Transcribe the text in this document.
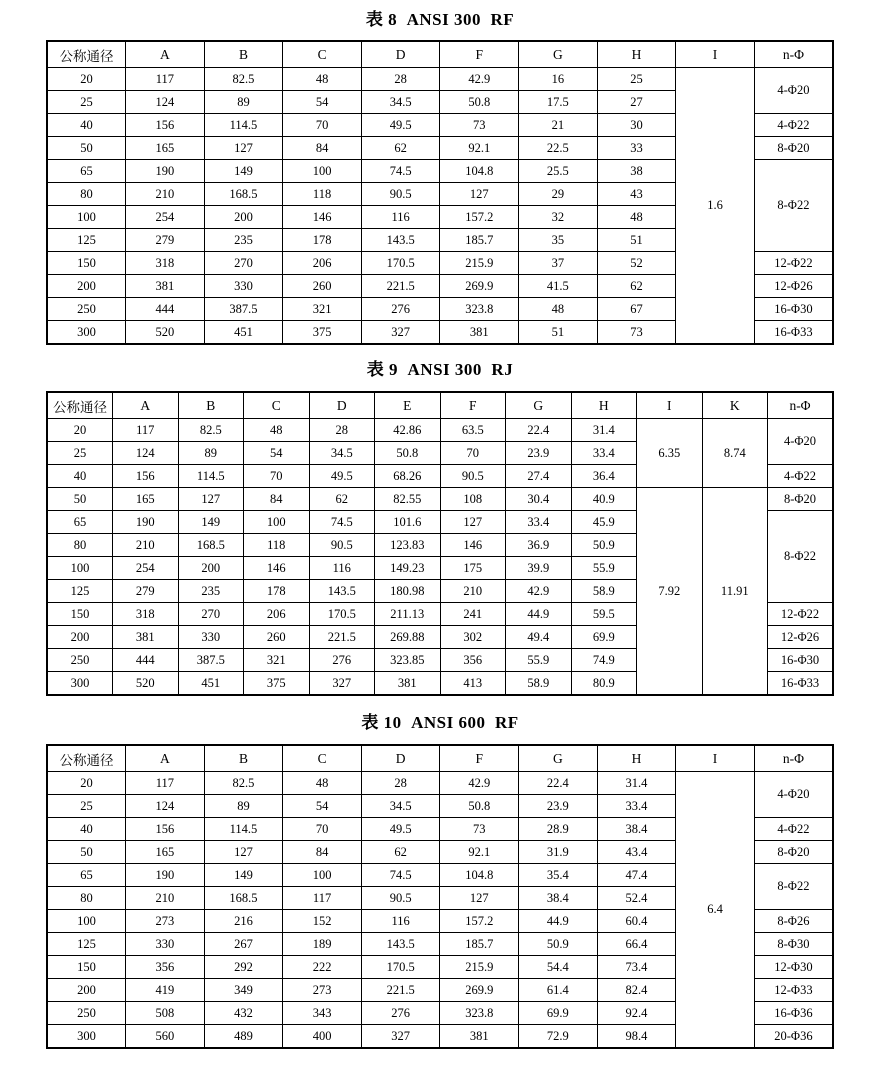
表 8  ANSI 300  RF
公称通径	A	B	C	D	F	G	H	I	n-Φ
20	117	82.5	48	28	42.9	16	25	1.6	4-Φ20
25	124	89	54	34.5	50.8	17.5	27		
40	156	114.5	70	49.5	73	21	30		4-Φ22
50	165	127	84	62	92.1	22.5	33		8-Φ20
65	190	149	100	74.5	104.8	25.5	38		8-Φ22
80	210	168.5	118	90.5	127	29	43		
100	254	200	146	116	157.2	32	48		
125	279	235	178	143.5	185.7	35	51		
150	318	270	206	170.5	215.9	37	52		12-Φ22
200	381	330	260	221.5	269.9	41.5	62		12-Φ26
250	444	387.5	321	276	323.8	48	67		16-Φ30
300	520	451	375	327	381	51	73		16-Φ33
表 9  ANSI 300  RJ
公称通径	A	B	C	D	E	F	G	H	I	K	n-Φ
20	117	82.5	48	28	42.86	63.5	22.4	31.4	6.35	8.74	4-Φ20
25	124	89	54	34.5	50.8	70	23.9	33.4			
40	156	114.5	70	49.5	68.26	90.5	27.4	36.4			4-Φ22
50	165	127	84	62	82.55	108	30.4	40.9	7.92	11.91	8-Φ20
65	190	149	100	74.5	101.6	127	33.4	45.9			8-Φ22
80	210	168.5	118	90.5	123.83	146	36.9	50.9			
100	254	200	146	116	149.23	175	39.9	55.9			
125	279	235	178	143.5	180.98	210	42.9	58.9			
150	318	270	206	170.5	211.13	241	44.9	59.5			12-Φ22
200	381	330	260	221.5	269.88	302	49.4	69.9			12-Φ26
250	444	387.5	321	276	323.85	356	55.9	74.9			16-Φ30
300	520	451	375	327	381	413	58.9	80.9			16-Φ33
表 10  ANSI 600  RF
公称通径	A	B	C	D	F	G	H	I	n-Φ
20	117	82.5	48	28	42.9	22.4	31.4	6.4	4-Φ20
25	124	89	54	34.5	50.8	23.9	33.4		
40	156	114.5	70	49.5	73	28.9	38.4		4-Φ22
50	165	127	84	62	92.1	31.9	43.4		8-Φ20
65	190	149	100	74.5	104.8	35.4	47.4		8-Φ22
80	210	168.5	117	90.5	127	38.4	52.4		
100	273	216	152	116	157.2	44.9	60.4		8-Φ26
125	330	267	189	143.5	185.7	50.9	66.4		8-Φ30
150	356	292	222	170.5	215.9	54.4	73.4		12-Φ30
200	419	349	273	221.5	269.9	61.4	82.4		12-Φ33
250	508	432	343	276	323.8	69.9	92.4		16-Φ36
300	560	489	400	327	381	72.9	98.4		20-Φ36
